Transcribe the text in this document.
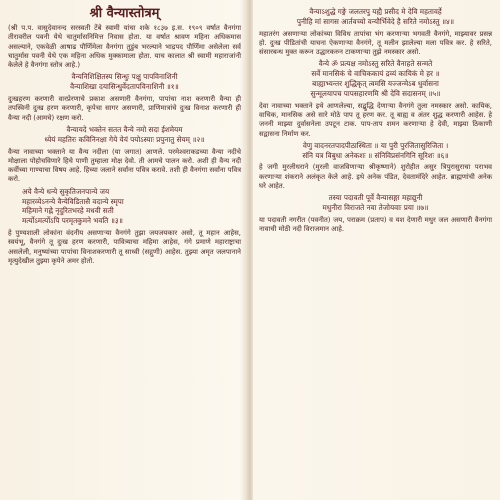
श्री वैन्यास्तोत्रम्

(श्री प.प. वासुदेवानन्द सरस्वती टेंबे स्वामी यांचा शके १८३७ इ.स. १९०९ वर्षात वैनगंगा तीरावरील पवनी येथे चातुर्मासनिमित्त निवास होता. या वर्षात श्रावण महिना अधिकमास असल्याने, एकवेळी आषाढ पौर्णिमेला वैनगंगा तुडुंब भरल्याने भाद्रपद पौर्णिमा असेलेला सर्व चातुर्मास पवनी येथे एक महिना अधिक मुक्कामाला होता. याच कालात श्री स्वामी महाराजांनी केलेले हे वैनगंगा स्तोत्र आहे.)

वैन्यनिशिक्षितस्य सिन्धुः पक्षु पापविनाशिनी
वैन्याशिखा दयासिन्धुर्वेदतापविनाशिनी ॥१॥

दुःखहरण करणारी वारप्रेरणाचे प्रकाश असणारी वैनगंगा, पापांचा नाश करणारी वैन्या ही तपस्विनी दुःख हरण करणारी, कृपेचा सागर असणारी, प्राणिमात्रांचे दुःख विनाश करणारी ही वैन्या नदी (आमचे) रक्षण करो.

वैन्यायदे भक्तेन सतत वैन्ये नमो सदा ईशमेयम
ध्येयं महतिरः कविनिनक्षा गेये येयं पयोऽस्याः प्रपुनातु सेयम् ॥२॥

वैन्या नावाच्या भक्ताने या वैन्य नदीला (या जगात) आणले. परमेश्वराकडच्या वैन्या नदीचे मोक्षाला पोहोचविणारे हिचे पाणी तुम्हाला मोक्ष देवो. ती आमचे पालन करो. अशी ही वैन्य नदी कवींच्या गाण्याचा विषय आहे. हिच्या जलाने सर्वांना पवित्र करावे. तशी ही वैनगंगा सर्वांना पवित्र करो.

अये वैन्ये धन्ये सुकृतिजनपान्ये जय
महारव्येऽनन्ये वैन्येविडितासै वदान्ये स्मृपा
महिमाने गह्ने नृदुरितभरहे मधवी सती
मर्त्योऽमर्त्योऽपि परमृतकुमने भवति ॥३॥

हे पुण्यशाली लोकांना वंदनीय असणाऱ्या वैनगंगे तुझा जयजयकार असो, तू महान आहेस, स्वयंभू, वैनगंगे तू दुःख हरण करणारी, पावित्र्याचा महिमा आहेस, गंगे प्रमाणे महाराष्ट्राचा असलेली, मनुष्यांच्या पापांचा विनाशकरणारी तू साध्वी (सद्गुणी) आहेस. तुझ्या अमृत जलपानाने मृत्युदेखील तुझ्या कृपेने अमर होतो.

वैन्याऽशुद्धे गङ्गे जलतरपु यह्यै प्रसीद मे देवि महतावर्हे
पुनीहि मां सागस आर्तवच्यो वन्यौर्भिवेदे है सरिते नमोऽस्तु ॥४॥

महातरंग असणाऱ्या लोकांच्या विविध तापांचा भंग करणाऱ्या भगवती वैनगंगे, माझ्यावर प्रसन्न हो. दुःख पीडितांची याचना ऐकणाऱ्या वैनगंगे, तू मलीन झालेल्या मला पवित्र कर. हे सरिते, संसारबन्ध मुक्त करून उद्धारकरुन टाकणाऱ्या तुझे नमस्कार असो.

वैन्ये ॐ प्रत्यक्ष नमोऽस्तु सरिते वैनाहते सन्मते
सर्वे मानसिकं चे वाचिककायं द्रव्यं कायिकं मे हर ॥
बाह्याभ्यन्तर शुद्धिकृत् त्वमसि यज्जन्मेऽब धुर्वासना
सुन्मूलयापच पापसहारणमि श्री देवि सदासनम् ॥५॥

देवा नावाच्या भक्ताने इथे आणलेल्या, सद्बुद्धि देणाऱ्या वैनगंगे तुला नमस्कार असो. कायिक, वाचिक, मानसिक असे सारे मोठे पाप तू हरण कर. तू बाह्य व अंतर शुद्ध करणारी आहेस. हे जननी माझ्या दुर्वासनेला उपटून टाक. पाप-ताप शमन करणाऱ्या हे देवी, माझ्या ठिकाणी सद्वासना निर्माण कर.

वेणु वादनरतपादपीठास्थिता ॥ या पुरी पुरजितासुरिजिता ।
संनि यत्र विबुधा अनेकशः ॥ संनिविप्रसंनगिनि सूरिशः ॥६॥

हे जगी मुरलीधराने (मुरली वाजविणाऱ्या श्रीकृष्णाने) शुरोहीत असुर त्रिपुरासुराचा पराभव करणाऱ्या शंकराने अलंकृत केले आहे. इथे अनेक पंडित, देवतामंदिरे आहेत. ब्राह्मणांची अनेक घरे आहेत.

तस्या पदावती पूर्वे वैन्यासङ्गा महाद्युनी
मधुनीरा विराजते नवा तेजोयवाः प्रया ॥७॥

या पदावती नगरीत (पवनीत) जय, पराक्रम (प्रताप) व यश देणारी मधुर जल असणारी वैनगंगा नावाची मोठी नदी विराजमान आहे.
